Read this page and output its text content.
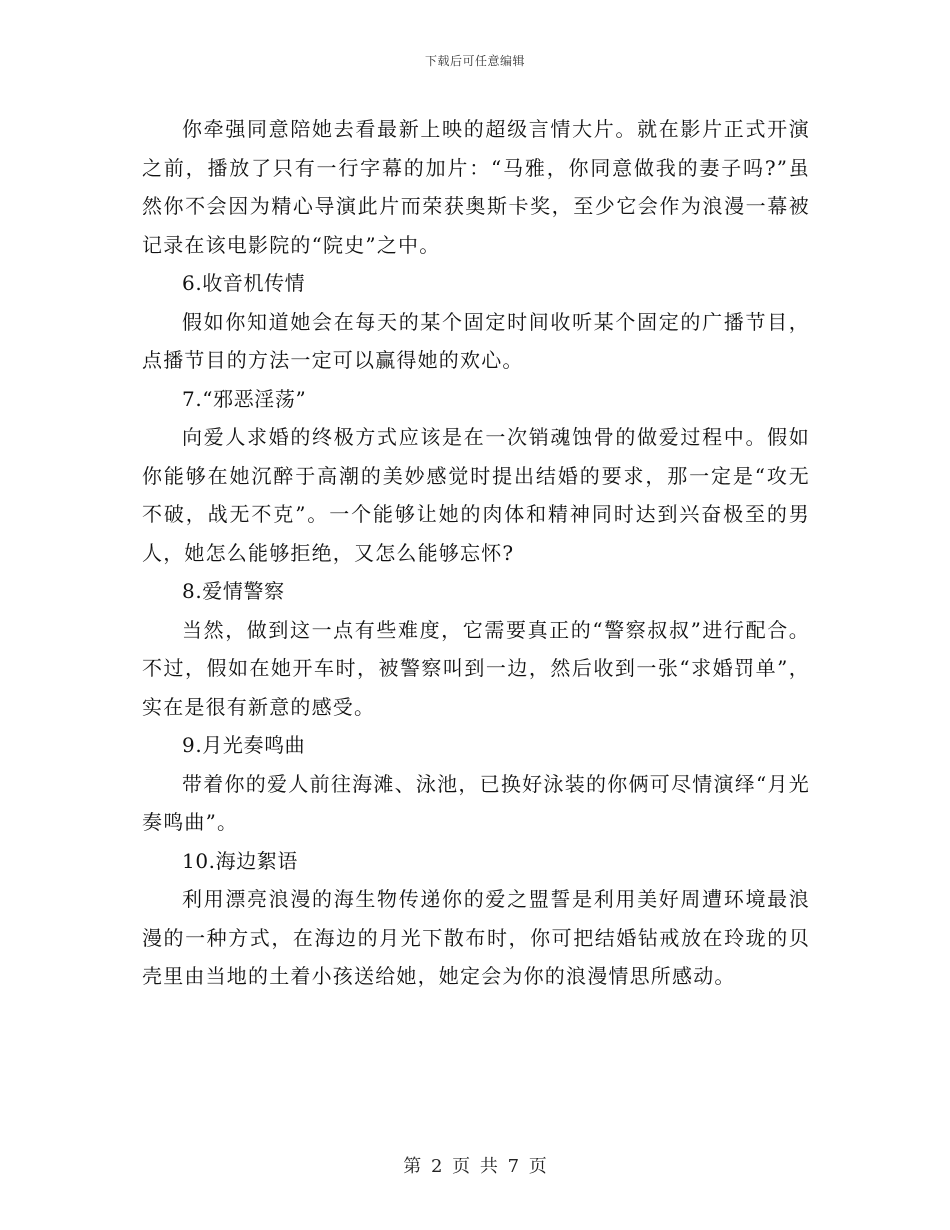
下载后可任意编辑

你牵强同意陪她去看最新上映的超级言情大片。就在影片正式开演之前，播放了只有一行字幕的加片：“马雅，你同意做我的妻子吗?”虽然你不会因为精心导演此片而荣获奥斯卡奖，至少它会作为浪漫一幕被记录在该电影院的“院史”之中。

6.收音机传情

假如你知道她会在每天的某个固定时间收听某个固定的广播节目，点播节目的方法一定可以赢得她的欢心。

7.“邪恶淫荡”

向爱人求婚的终极方式应该是在一次销魂蚀骨的做爱过程中。假如你能够在她沉醉于高潮的美妙感觉时提出结婚的要求，那一定是“攻无不破，战无不克”。一个能够让她的肉体和精神同时达到兴奋极至的男人，她怎么能够拒绝，又怎么能够忘怀?

8.爱情警察

当然，做到这一点有些难度，它需要真正的“警察叔叔”进行配合。不过，假如在她开车时，被警察叫到一边，然后收到一张“求婚罚单”，实在是很有新意的感受。

9.月光奏鸣曲

带着你的爱人前往海滩、泳池，已换好泳装的你俩可尽情演绎“月光奏鸣曲”。

10.海边絮语

利用漂亮浪漫的海生物传递你的爱之盟誓是利用美好周遭环境最浪漫的一种方式，在海边的月光下散布时，你可把结婚钻戒放在玲珑的贝壳里由当地的土着小孩送给她，她定会为你的浪漫情思所感动。

第 2 页 共 7 页
